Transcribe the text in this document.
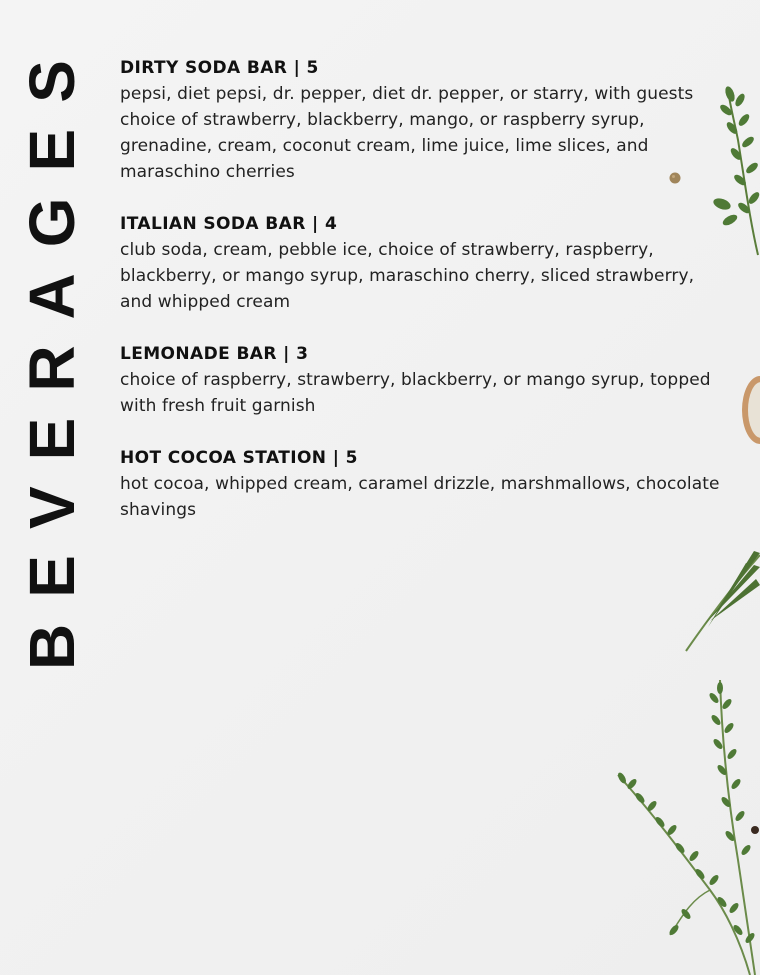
BEVERAGES DIRTY SODA BAR | 5
pepsi, diet pepsi, dr. pepper, diet dr. pepper, or starry, with guests choice of strawberry, blackberry, mango, or raspberry syrup, grenadine, cream, coconut cream, lime juice, lime slices, and maraschino cherries
ITALIAN SODA BAR | 4
club soda, cream, pebble ice, choice of strawberry, raspberry, blackberry, or mango syrup, maraschino cherry, sliced strawberry, and whipped cream
LEMONADE BAR | 3
choice of raspberry, strawberry, blackberry, or mango syrup, topped with fresh fruit garnish
HOT COCOA STATION | 5
hot cocoa, whipped cream, caramel drizzle, marshmallows, chocolate shavings
